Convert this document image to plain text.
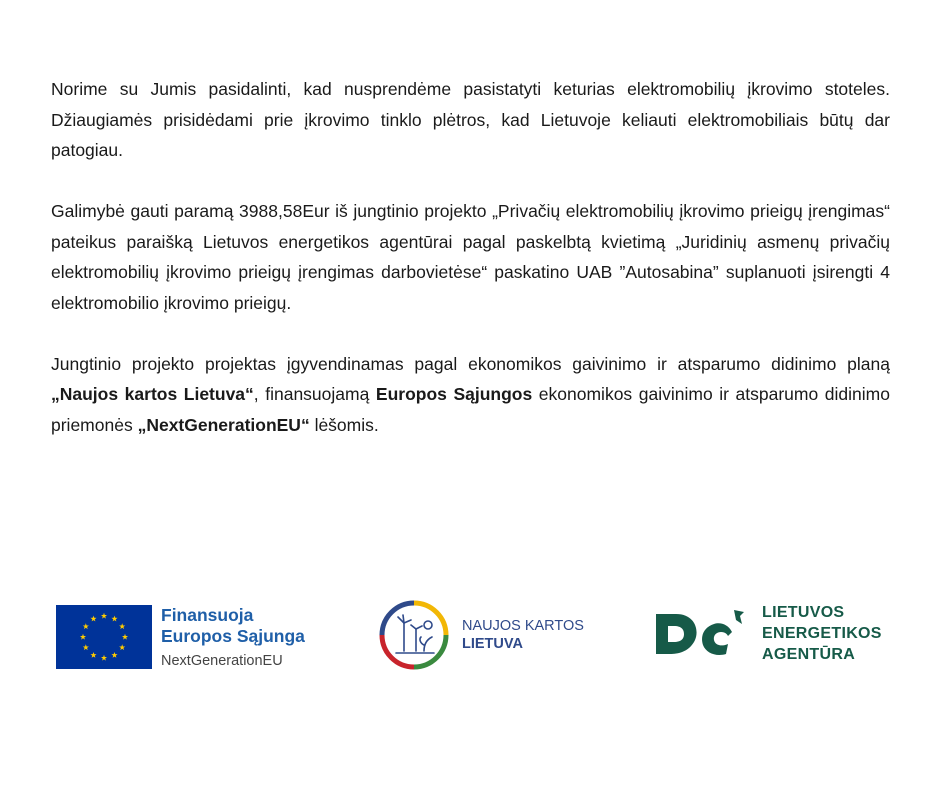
Norime su Jumis pasidalinti, kad nusprendėme pasistatyti keturias elektromobilių įkrovimo stoteles. Džiaugiamės prisidėdami prie įkrovimo tinklo plėtros, kad Lietuvoje keliauti elektromobiliais būtų dar patogiau.

Galimybė gauti paramą 3988,58Eur iš jungtinio projekto „Privačių elektromobilių įkrovimo prieigų įrengimas“ pateikus paraišką Lietuvos energetikos agentūrai pagal paskelbtą kvietimą „Juridinių asmenų privačių elektromobilių įkrovimo prieigų įrengimas darbovietėse“ paskatino UAB ”Autosabina” suplanuoti įsirengti 4 elektromobilio įkrovimo prieigų.

Jungtinio projekto projektas įgyvendinamas pagal ekonomikos gaivinimo ir atsparumo didinimo planą „Naujos kartos Lietuva“, finansuojamą Europos Sąjungos ekonomikos gaivinimo ir atsparumo didinimo priemonės „NextGenerationEU“ lėšomis.

Finansuoja
Europos Sąjunga
NextGenerationEU
NAUJOS KARTOS
LIETUVA
LIETUVOS
ENERGETIKOS
AGENTŪRA
